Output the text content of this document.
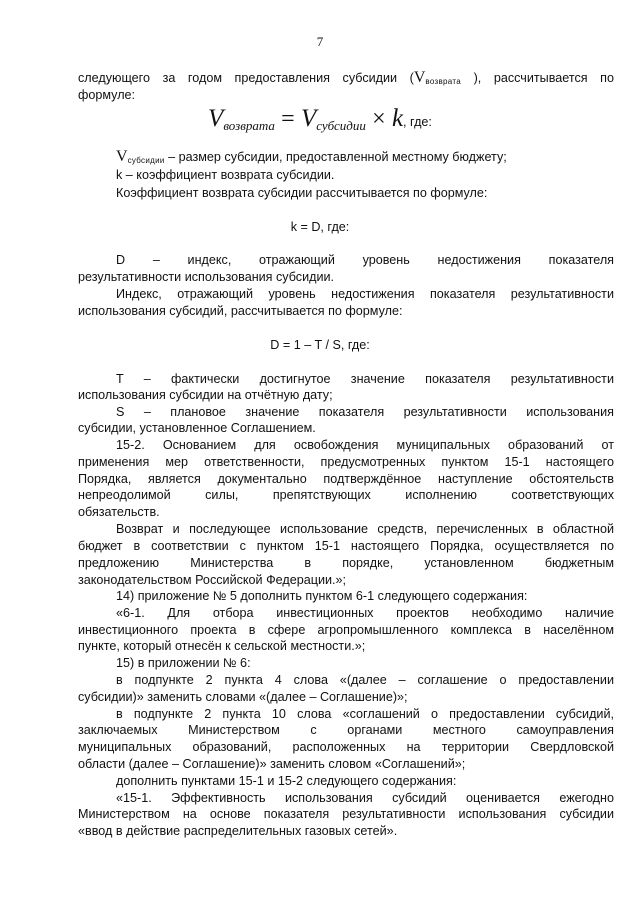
7

следующего за годом предоставления субсидии (Vвозврата ), рассчитывается по

формуле:

$V_{возврата} = V_{субсидии} \times k$, где:

Vсубсидии – размер субсидии, предоставленной местному бюджету;

k – коэффициент возврата субсидии.

Коэффициент возврата субсидии рассчитывается по формуле:

k = D, где:

D – индекс, отражающий уровень недостижения показателя

результативности использования субсидии.

Индекс, отражающий уровень недостижения показателя результативности

использования субсидий, рассчитывается по формуле:

D = 1 – T / S, где:

T – фактически достигнутое значение показателя результативности

использования субсидии на отчётную дату;

S – плановое значение показателя результативности использования

субсидии, установленное Соглашением.

15-2. Основанием для освобождения муниципальных образований от

применения мер ответственности, предусмотренных пунктом 15-1 настоящего

Порядка, является документально подтверждённое наступление обстоятельств

непреодолимой силы, препятствующих исполнению соответствующих

обязательств.

Возврат и последующее использование средств, перечисленных в областной

бюджет в соответствии с пунктом 15-1 настоящего Порядка, осуществляется по

предложению Министерства в порядке, установленном бюджетным

законодательством Российской Федерации.»;

14) приложение № 5 дополнить пунктом 6-1 следующего содержания:

«6-1. Для отбора инвестиционных проектов необходимо наличие

инвестиционного проекта в сфере агропромышленного комплекса в населённом

пункте, который отнесён к сельской местности.»;

15) в приложении № 6:

в подпункте 2 пункта 4 слова «(далее – соглашение о предоставлении

субсидии)» заменить словами «(далее – Соглашение)»;

в подпункте 2 пункта 10 слова «соглашений о предоставлении субсидий,

заключаемых Министерством с органами местного самоуправления

муниципальных образований, расположенных на территории Свердловской

области (далее – Соглашение)» заменить словом «Соглашений»;

дополнить пунктами 15-1 и 15-2 следующего содержания:

«15-1. Эффективность использования субсидий оценивается ежегодно

Министерством на основе показателя результативности использования субсидии

«ввод в действие распределительных газовых сетей».
